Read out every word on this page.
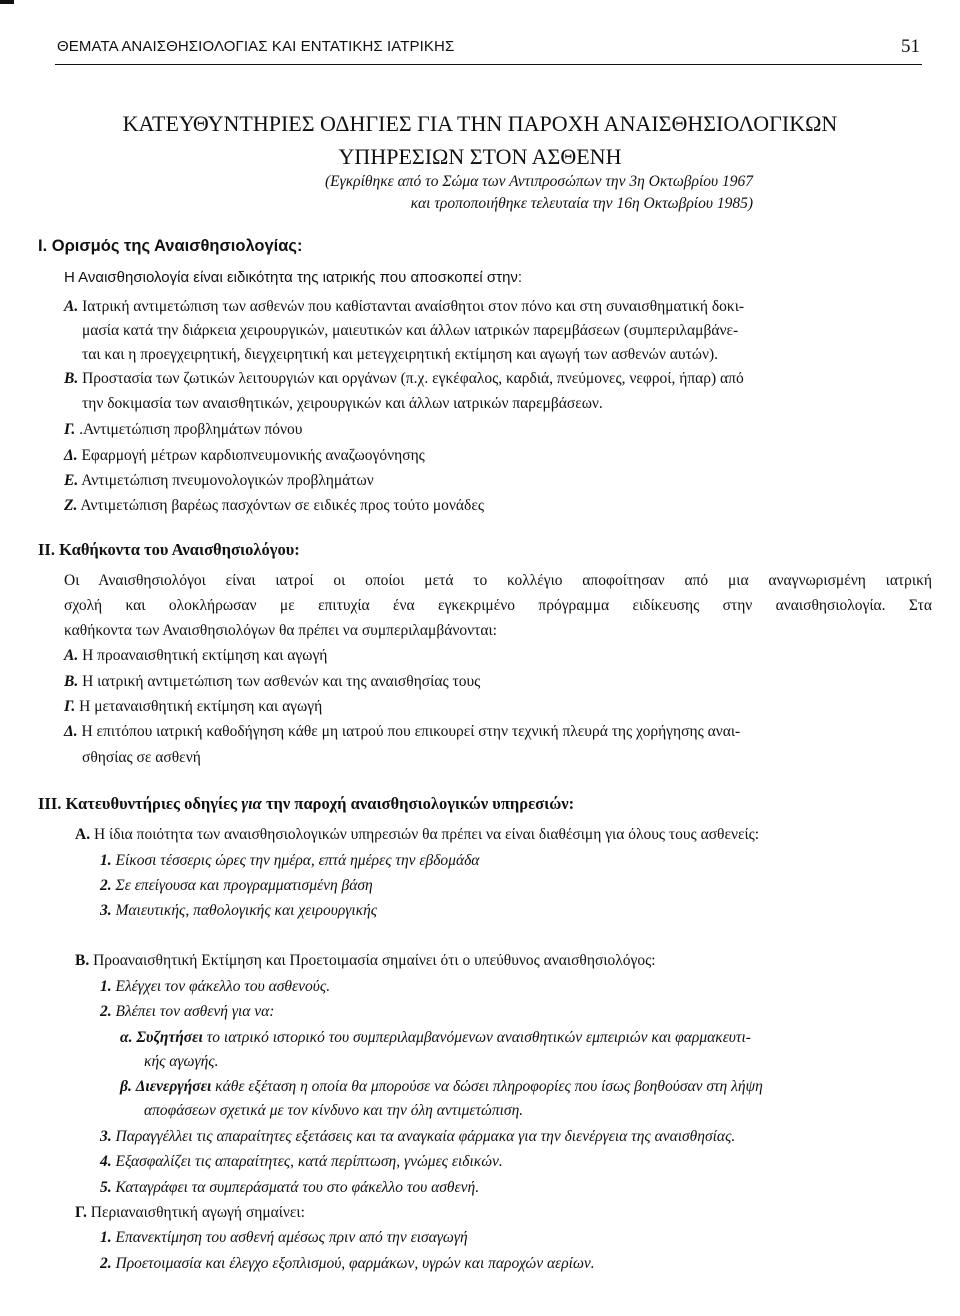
ΘΕΜΑΤΑ ΑΝΑΙΣΘΗΣΙΟΛΟΓΙΑΣ ΚΑΙ ΕΝΤΑΤΙΚΗΣ ΙΑΤΡΙΚΗΣ	51
ΚΑΤΕΥΘΥΝΤΗΡΙΕΣ ΟΔΗΓΙΕΣ ΓΙΑ ΤΗΝ ΠΑΡΟΧΗ ΑΝΑΙΣΘΗΣΙΟΛΟΓΙΚΩΝ
ΥΠΗΡΕΣΙΩΝ ΣΤΟΝ ΑΣΘΕΝΗ
(Εγκρίθηκε από το Σώμα των Αντιπροσώπων την 3η Οκτωβρίου 1967
και τροποποιήθηκε τελευταία την 16η Οκτωβρίου 1985)
Ι. Ορισμός της Αναισθησιολογίας:
Η Αναισθησιολογία είναι ειδικότητα της ιατρικής που αποσκοπεί στην:
Α. Ιατρική αντιμετώπιση των ασθενών που καθίστανται αναίσθητοι στον πόνο και στη συναισθηματική δοκι-
μασία κατά την διάρκεια χειρουργικών, μαιευτικών και άλλων ιατρικών παρεμβάσεων (συμπεριλαμβάνε-
ται και η προεγχειρητική, διεγχειρητική και μετεγχειρητική εκτίμηση και αγωγή των ασθενών αυτών).
Β. Προστασία των ζωτικών λειτουργιών και οργάνων (π.χ. εγκέφαλος, καρδιά, πνεύμονες, νεφροί, ήπαρ) από
την δοκιμασία των αναισθητικών, χειρουργικών και άλλων ιατρικών παρεμβάσεων.
Γ. .Αντιμετώπιση προβλημάτων πόνου
Δ. Εφαρμογή μέτρων καρδιοπνευμονικής αναζωογόνησης
Ε. Αντιμετώπιση πνευμονολογικών προβλημάτων
Ζ. Αντιμετώπιση βαρέως πασχόντων σε ειδικές προς τούτο μονάδες
ΙΙ. Καθήκοντα του Αναισθησιολόγου:
Οι Αναισθησιολόγοι είναι ιατροί οι οποίοι μετά το κολλέγιο αποφοίτησαν από μια αναγνωρισμένη ιατρική
σχολή και ολοκλήρωσαν με επιτυχία ένα εγκεκριμένο πρόγραμμα ειδίκευσης στην αναισθησιολογία. Στα
καθήκοντα των Αναισθησιολόγων θα πρέπει να συμπεριλαμβάνονται:
Α. Η προαναισθητική εκτίμηση και αγωγή
Β. Η ιατρική αντιμετώπιση των ασθενών και της αναισθησίας τους
Γ. Η μεταναισθητική εκτίμηση και αγωγή
Δ. Η επιτόπου ιατρική καθοδήγηση κάθε μη ιατρού που επικουρεί στην τεχνική πλευρά της χορήγησης αναι-
σθησίας σε ασθενή
ΙΙΙ. Κατευθυντήριες οδηγίες για την παροχή αναισθησιολογικών υπηρεσιών:
Α. Η ίδια ποιότητα των αναισθησιολογικών υπηρεσιών θα πρέπει να είναι διαθέσιμη για όλους τους ασθενείς:
1. Είκοσι τέσσερις ώρες την ημέρα, επτά ημέρες την εβδομάδα
2. Σε επείγουσα και προγραμματισμένη βάση
3. Μαιευτικής, παθολογικής και χειρουργικής
Β. Προαναισθητική Εκτίμηση και Προετοιμασία σημαίνει ότι ο υπεύθυνος αναισθησιολόγος:
1. Ελέγχει τον φάκελλο του ασθενούς.
2. Βλέπει τον ασθενή για να:
α. Συζητήσει το ιατρικό ιστορικό του συμπεριλαμβανόμενων αναισθητικών εμπειριών και φαρμακευτι-
κής αγωγής.
β. Διενεργήσει κάθε εξέταση η οποία θα μπορούσε να δώσει πληροφορίες που ίσως βοηθούσαν στη λήψη
αποφάσεων σχετικά με τον κίνδυνο και την όλη αντιμετώπιση.
3. Παραγγέλλει τις απαραίτητες εξετάσεις και τα αναγκαία φάρμακα για την διενέργεια της αναισθησίας.
4. Εξασφαλίζει τις απαραίτητες, κατά περίπτωση, γνώμες ειδικών.
5. Καταγράφει τα συμπεράσματά του στο φάκελλο του ασθενή.
Γ. Περιαναισθητική αγωγή σημαίνει:
1. Επανεκτίμηση του ασθενή αμέσως πριν από την εισαγωγή
2. Προετοιμασία και έλεγχο εξοπλισμού, φαρμάκων, υγρών και παροχών αερίων.
